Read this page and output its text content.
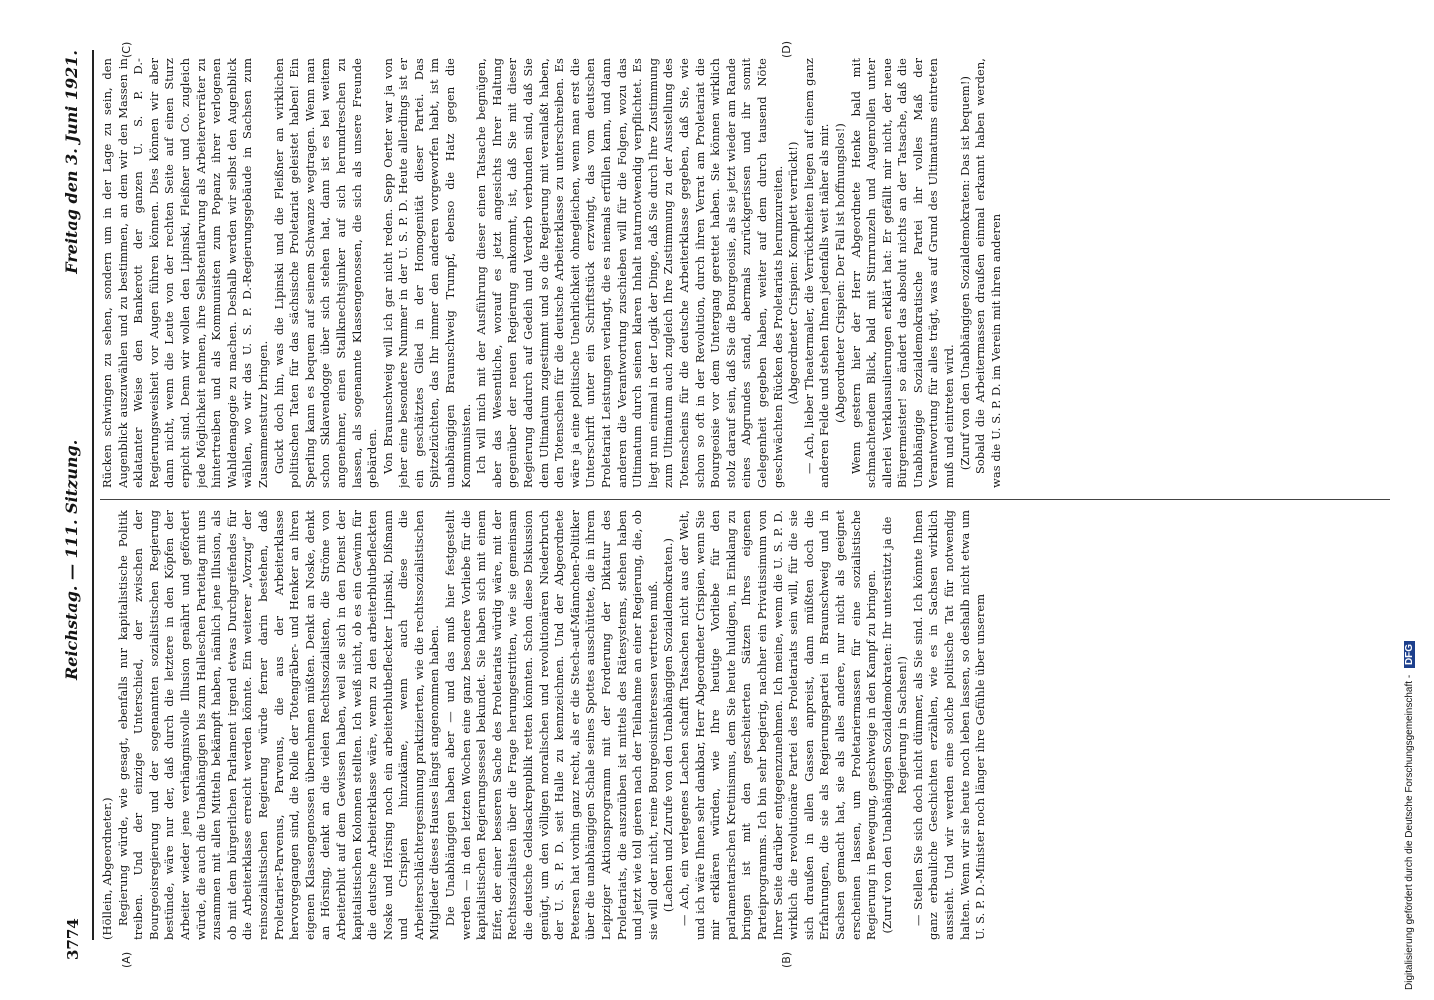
3774
Reichstag. — 111. Sitzung.
Freitag den 3. Juni 1921.
(A)	(B)
(C)	(D)

(Höllein, Abgeordneter.) Regierung würde, wie gesagt, ebenfalls nur kapitalistische Politik treiben. Und der einzige Unterschied, der zwischen der Bourgeoisregierung und der sogenannten sozialistischen Regierung bestünde, wäre nur der, daß durch die letztere in den Köpfen der Arbeiter wieder jene verhängnisvolle Illusion genährt und gefördert würde, die auch die Unabhängigen bis zum Halleschen Parteitag mit uns zusammen mit allen Mitteln bekämpft haben, nämlich jene Illusion, als ob mit dem bürgerlichen Parlament irgend etwas Durchgreifendes für die Arbeiterklasse erreicht werden könnte. Ein weiterer „Vorzug“ der reinsozialistischen Regierung würde ferner darin bestehen, daß Proletarier-Parvenus, Parvenus, die aus der Arbeiterklasse hervorgegangen sind, die Rolle der Totengräber- und Henker an ihren eigenen Klassengenossen übernehmen müßten. Denkt an Noske, denkt an Hörsing, denkt an die vielen Rechtssozialisten, die Ströme von Arbeiterblut auf dem Gewissen haben, weil sie sich in den Dienst der kapitalistischen Kolonnen stellten. Ich weiß nicht, ob es ein Gewinn für die deutsche Arbeiterklasse wäre, wenn zu den arbeiterblutbefleckten Noske und Hörsing noch ein arbeiterblutbefleckter Lipinski, Dißmann und Crispien hinzukäme, wenn auch diese die Arbeiterschlächtergesinnung praktizierten, wie die rechtssozialistischen Mitglieder dieses Hauses längst angenommen haben. Die Unabhängigen haben aber — und das muß hier festgestellt werden — in den letzten Wochen eine ganz besondere Vorliebe für die kapitalistischen Regierungssessel bekundet. Sie haben sich mit einem Eifer, der einer besseren Sache des Proletariats würdig wäre, mit der Rechtssozialisten über die Frage herumgestritten, wie sie gemeinsam die deutsche Geldsackrepublik retten könnten. Schon diese Diskussion genügt, um den völligen moralischen und revolutionären Niederbruch der U. S. P. D. seit Halle zu kennzeichnen. Und der Abgeordnete Petersen hat vorhin ganz recht, als er die Stech-auf-Männchen-Politiker über die unabhängigen Schale seines Spottes ausschüttete, die in ihrem Leipziger Aktionsprogramm mit der Forderung der Diktatur des Proletariats, die auszuüben ist mittels des Rätesystems, stehen haben und jetzt wie toll gieren nach der Teilnahme an einer Regierung, die, ob sie will oder nicht, reine Bourgeoisinteressen vertreten muß. (Lachen und Zurufe von den Unabhängigen Sozialdemokraten.) — Ach, ein verlegenes Lachen schafft Tatsachen nicht aus der Welt, und ich wäre Ihnen sehr dankbar, Herr Abgeordneter Crispien, wenn Sie mir erklären würden, wie Ihre heutige Vorliebe für den parlamentarischen Kretinismus, dem Sie heute huldigen, in Einklang zu bringen ist mit den gescheiterten Sätzen Ihres eigenen Parteiprogramms. Ich bin sehr begierig, nachher ein Privatissimum von Ihrer Seite darüber entgegenzunehmen. Ich meine, wenn die U. S. P. D. wirklich die revolutionäre Partei des Proletariats sein will, für die sie sich draußen in allen Gassen anpreist, dann müßten doch die Erfahrungen, die sie als Regierungspartei in Braunschweig und in Sachsen gemacht hat, sie als alles andere, nur nicht als geeignet erscheinen lassen, um Proletariermassen für eine sozialistische Regierung in Bewegung, geschweige in den Kampf zu bringen. (Zuruf von den Unabhängigen Sozialdemokraten: Ihr unterstützt ja die Regierung in Sachsen!) — Stellen Sie sich doch nicht dümmer, als Sie sind. Ich könnte Ihnen ganz erbauliche Geschichten erzählen, wie es in Sachsen wirklich aussieht. Und wir werden eine solche politische Tat für notwendig halten. Wenn wir sie heute noch leben lassen, so deshalb nicht etwa um U. S. P. D.-Minister noch länger ihre Gefühle über unserem

Rücken schwingen zu sehen, sondern um in der Lage zu sein, den Augenblick auszuwählen und zu bestimmen, an dem wir den Massen in eklatanter Weise den Bankerott der ganzen U. S. P. D.-Regierungsweisheit vor Augen führen können. Dies können wir aber dann nicht, wenn die Leute von der rechten Seite auf einen Sturz erpicht sind. Denn wir wollen den Lipinski, Fleißner und Co. zugleich jede Möglichkeit nehmen, ihre Selbstentlarvung als Arbeiterverräter zu hintertreiben und als Kommunisten zum Popanz ihrer verlogenen Wahldemagogie zu machen. Deshalb werden wir selbst den Augenblick wählen, wo wir das U. S. P. D.-Regierungsgebäude in Sachsen zum Zusammensturz bringen. Guckt doch hin, was die Lipinski und die Fleißner an wirklichen politischen Taten für das sächsische Proletariat geleistet haben! Ein Sperling kann es bequem auf seinem Schwanze wegtragen. Wenn man schon Sklavendogge über sich stehen hat, dann ist es bei weitem angenehmer, einen Stallknechtsjunker auf sich herumdreschen zu lassen, als sogenannte Klassengenossen, die sich als unsere Freunde gebärden. Von Braunschweig will ich gar nicht reden. Sepp Oerter war ja von jeher eine besondere Nummer in der U. S. P. D. Heute allerdings ist er ein geschätztes Glied in der Homogenität dieser Partei. Das Spitzelzüchten, das Ihr immer den anderen vorgeworfen habt, ist im unabhängigen Braunschweig Trumpf, ebenso die Hatz gegen die Kommunisten. Ich will mich mit der Ausführung dieser einen Tatsache begnügen, aber das Wesentliche, worauf es jetzt angesichts Ihrer Haltung gegenüber der neuen Regierung ankommt, ist, daß Sie mit dieser Regierung dadurch auf Gedeih und Verderb verbunden sind, daß Sie dem Ultimatum zugestimmt und so die Regierung mit veranlaßt haben, den Totenschein für die deutsche Arbeiterklasse zu unterschreiben. Es wäre ja eine politische Unehrlichkeit ohnegleichen, wenn man erst die Unterschrift unter ein Schriftstück erzwingt, das vom deutschen Proletariat Leistungen verlangt, die es niemals erfüllen kann, und dann anderen die Verantwortung zuschieben will für die Folgen, wozu das Ultimatum durch seinen klaren Inhalt naturnotwendig verpflichtet. Es liegt nun einmal in der Logik der Dinge, daß Sie durch Ihre Zustimmung zum Ultimatum auch zugleich Ihre Zustimmung zu der Ausstellung des Totenscheins für die deutsche Arbeiterklasse gegeben, daß Sie, wie schon so oft in der Revolution, durch ihren Verrat am Proletariat die Bourgeoisie vor dem Untergang gerettet haben. Sie können wirklich stolz darauf sein, daß Sie die Bourgeoisie, als sie jetzt wieder am Rande eines Abgrundes stand, abermals zurückgerissen und ihr somit Gelegenheit gegeben haben, weiter auf dem durch tausend Nöte geschwächten Rücken des Proletariats herumzureiten. (Abgeordneter Crispien: Komplett verrückt!) — Ach, lieber Theatermaler, die Verrücktheiten liegen auf einem ganz anderen Felde und stehen Ihnen jedenfalls weit näher als mir. (Abgeordneter Crispien: Der Fall ist hoffnungslos!) Wenn gestern hier der Herr Abgeordnete Henke bald mit schmachtendem Blick, bald mit Stirnrunzeln und Augenrollen unter allerlei Verklausulierungen erklärt hat: Er gefällt mir nicht, der neue Bürgermeister! so ändert das absolut nichts an der Tatsache, daß die Unabhängige Sozialdemokratische Partei ihr volles Maß der Verantwortung für alles trägt, was auf Grund des Ultimatums eintreten muß und eintreten wird. (Zuruf von den Unabhängigen Sozialdemokraten: Das ist bequem!) Sobald die Arbeitermassen draußen einmal erkannt haben werden, was die U. S. P. D. im Verein mit ihren anderen

Digitalisierung gefördert durch die Deutsche Forschungsgemeinschaft - DFG
